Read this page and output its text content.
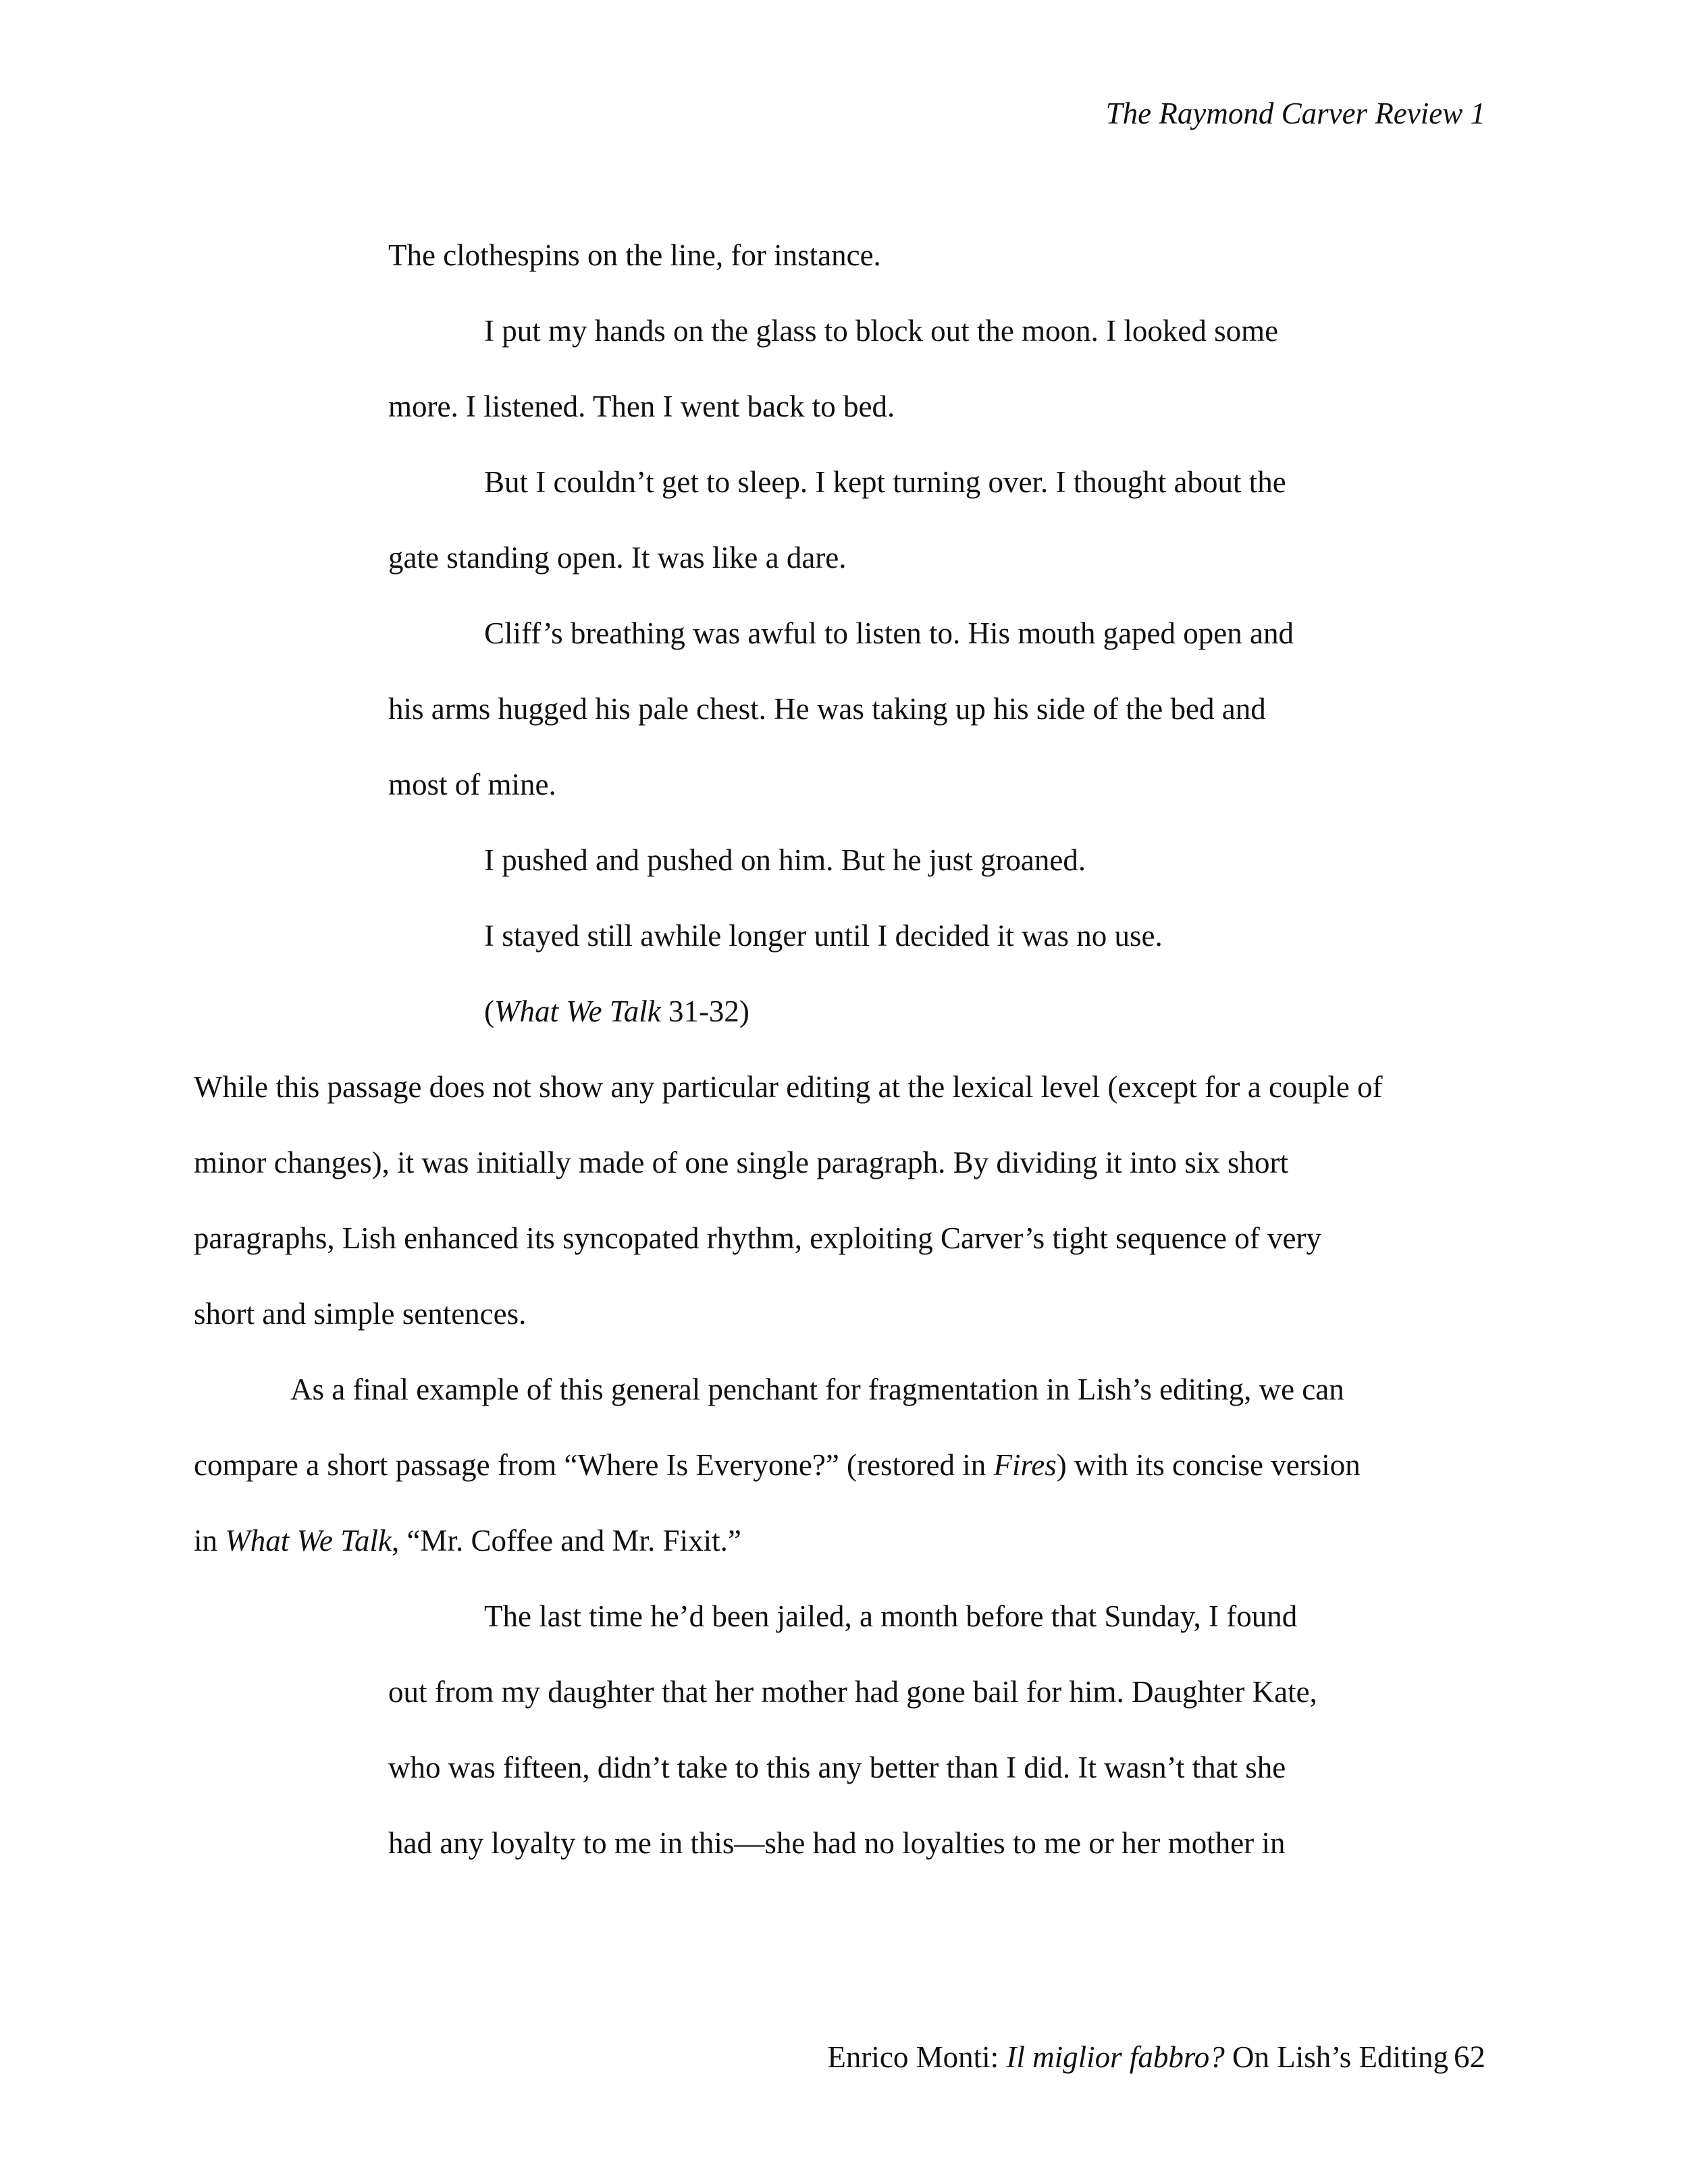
The Raymond Carver Review 1
The clothespins on the line, for instance.
I put my hands on the glass to block out the moon. I looked some
more. I listened. Then I went back to bed.
But I couldn’t get to sleep. I kept turning over. I thought about the
gate standing open. It was like a dare.
Cliff’s breathing was awful to listen to. His mouth gaped open and
his arms hugged his pale chest. He was taking up his side of the bed and
most of mine.
I pushed and pushed on him. But he just groaned.
I stayed still awhile longer until I decided it was no use.
(What We Talk 31-32)
While this passage does not show any particular editing at the lexical level (except for a couple of
minor changes), it was initially made of one single paragraph. By dividing it into six short
paragraphs, Lish enhanced its syncopated rhythm, exploiting Carver’s tight sequence of very
short and simple sentences.
As a final example of this general penchant for fragmentation in Lish’s editing, we can
compare a short passage from “Where Is Everyone?” (restored in Fires) with its concise version
in What We Talk, “Mr. Coffee and Mr. Fixit.”
The last time he’d been jailed, a month before that Sunday, I found
out from my daughter that her mother had gone bail for him. Daughter Kate,
who was fifteen, didn’t take to this any better than I did. It wasn’t that she
had any loyalty to me in this—she had no loyalties to me or her mother in
Enrico Monti: Il miglior fabbro? On Lish’s Editing 62
